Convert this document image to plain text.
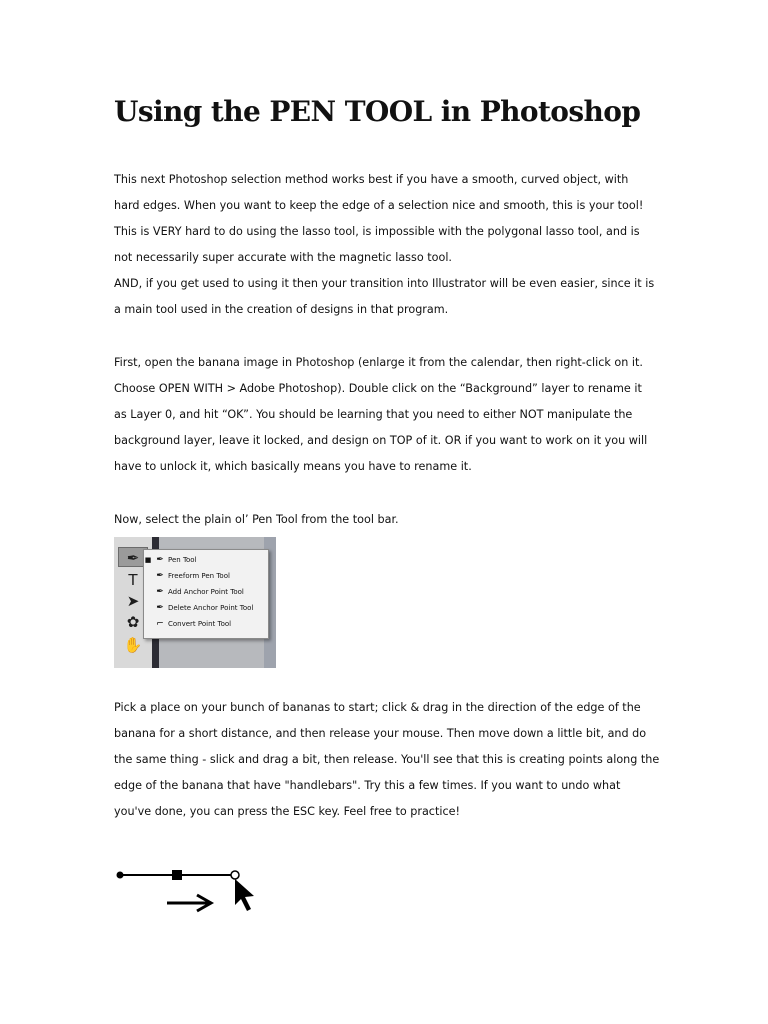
Using the PEN TOOL in Photoshop
This next Photoshop selection method works best if you have a smooth, curved object, with
hard edges. When you want to keep the edge of a selection nice and smooth, this is your tool!
This is VERY hard to do using the lasso tool, is impossible with the polygonal lasso tool, and is
not necessarily super accurate with the magnetic lasso tool.
AND, if you get used to using it then your transition into Illustrator will be even easier, since it is
a main tool used in the creation of designs in that program.
First, open the banana image in Photoshop (enlarge it from the calendar, then right-click on it.
Choose OPEN WITH > Adobe Photoshop). Double click on the “Background” layer to rename it
as Layer 0, and hit “OK”. You should be learning that you need to either NOT manipulate the
background layer, leave it locked, and design on TOP of it. OR if you want to work on it you will
have to unlock it, which basically means you have to rename it.
Now, select the plain ol’ Pen Tool from the tool bar.
✒
T
➤
✿
✋
■ ✒ Pen Tool
✒ Freeform Pen Tool
✒ Add Anchor Point Tool
✒ Delete Anchor Point Tool
⌐ Convert Point Tool
Pick a place on your bunch of bananas to start; click & drag in the direction of the edge of the
banana for a short distance, and then release your mouse. Then move down a little bit, and do
the same thing - slick and drag a bit, then release. You'll see that this is creating points along the
edge of the banana that have "handlebars". Try this a few times. If you want to undo what
you've done, you can press the ESC key. Feel free to practice!
